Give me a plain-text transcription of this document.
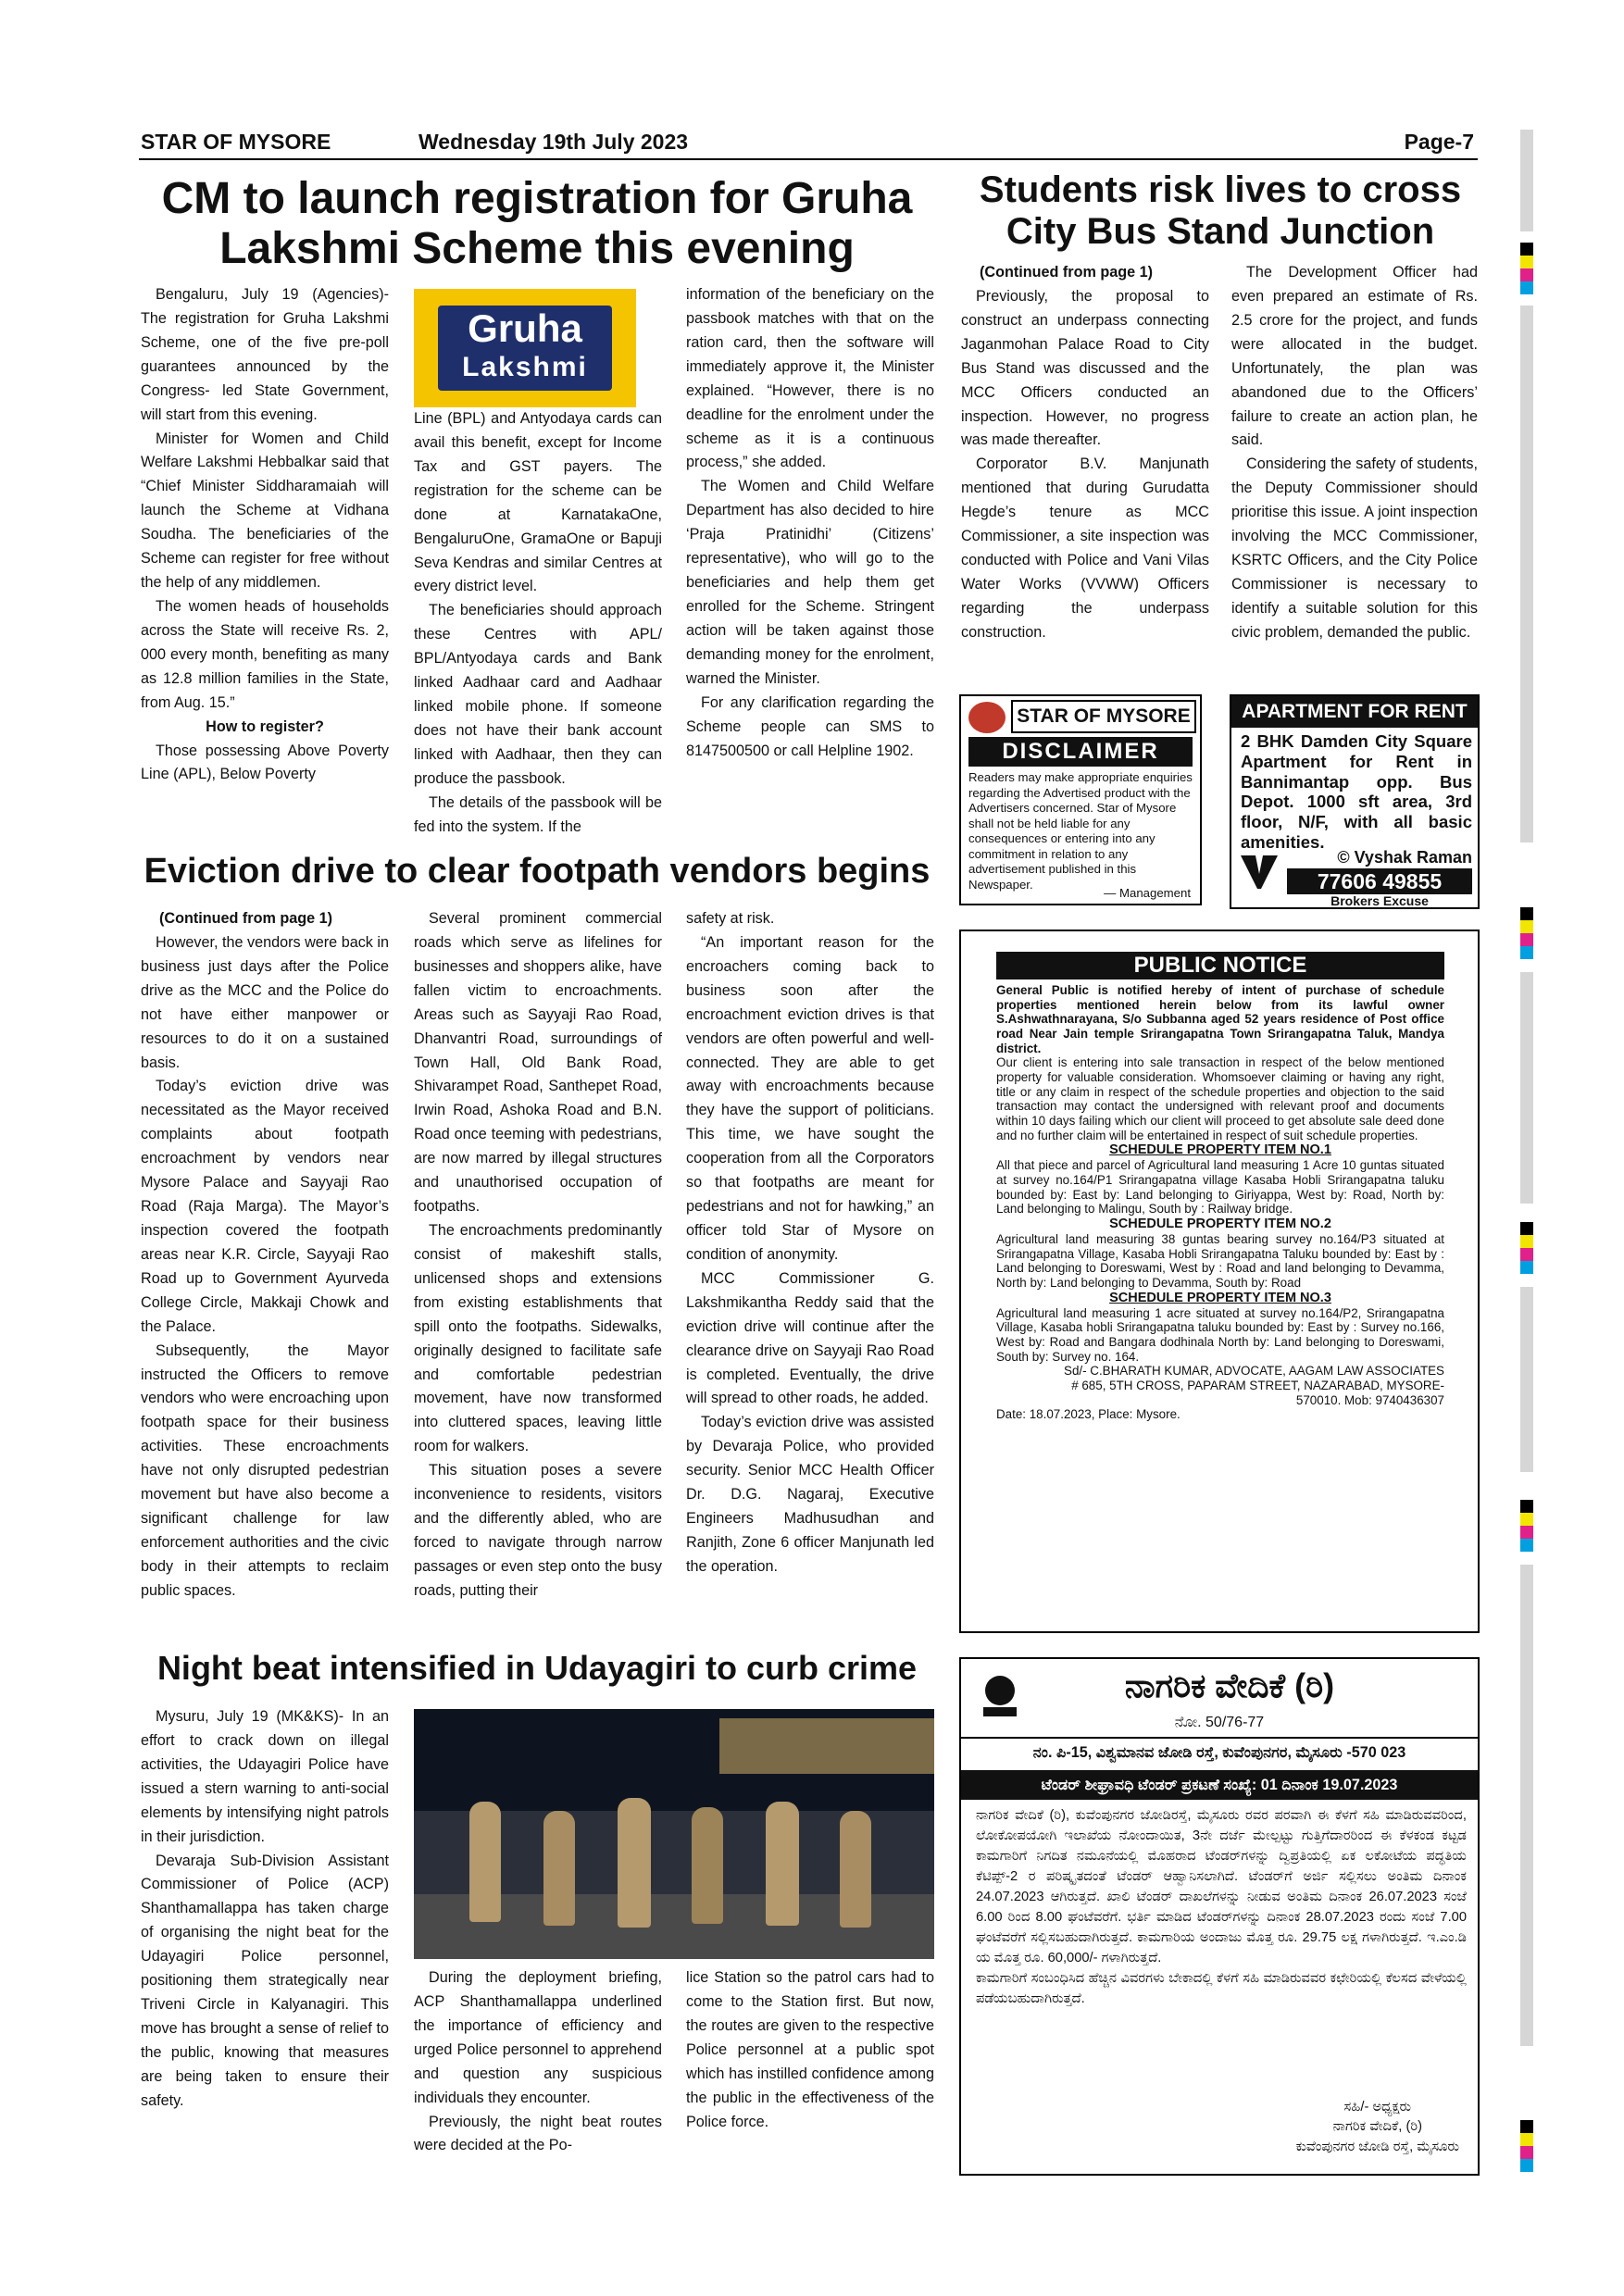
STAR OF MYSORE	Wednesday 19th July 2023	Page-7
CM to launch registration for Gruha
Lakshmi Scheme this evening

Bengaluru, July 19 (Agencies)- The registration for Gruha Lakshmi Scheme, one of the five pre-poll guarantees announced by the Congress- led State Government, will start from this evening.

Minister for Women and Child Welfare Lakshmi Hebbalkar said that “Chief Minister Siddharamaiah will launch the Scheme at Vidhana Soudha. The beneficiaries of the Scheme can register for free without the help of any middlemen.

The women heads of households across the State will receive Rs. 2, 000 every month, benefiting as many as 12.8 million families in the State, from Aug. 15.”

How to register?

Those possessing Above Poverty Line (APL), Below Poverty

Gruha
Lakshmi

Line (BPL) and Antyodaya cards can avail this benefit, except for Income Tax and GST payers. The registration for the scheme can be done at KarnatakaOne, BengaluruOne, GramaOne or Bapuji Seva Kendras and similar Centres at every district level.

The beneficiaries should approach these Centres with APL/ BPL/Antyodaya cards and Bank linked Aadhaar card and Aadhaar linked mobile phone. If someone does not have their bank account linked with Aadhaar, then they can produce the passbook.

The details of the passbook will be fed into the system. If the

information of the beneficiary on the passbook matches with that on the ration card, then the software will immediately approve it, the Minister explained. “However, there is no deadline for the enrolment under the scheme as it is a continuous process,” she added.

The Women and Child Welfare Department has also decided to hire ‘Praja Pratinidhi’ (Citizens’ representative), who will go to the beneficiaries and help them get enrolled for the Scheme. Stringent action will be taken against those demanding money for the enrolment, warned the Minister.

For any clarification regarding the Scheme people can SMS to 8147500500 or call Helpline 1902.

Students risk lives to cross
City Bus Stand Junction

(Continued from page 1)

Previously, the proposal to construct an underpass connecting Jaganmohan Palace Road to City Bus Stand was discussed and the MCC Officers conducted an inspection. However, no progress was made thereafter.

Corporator B.V. Manjunath mentioned that during Gurudatta Hegde’s tenure as MCC Commissioner, a site inspection was conducted with Police and Vani Vilas Water Works (VVWW) Officers regarding the underpass construction.

The Development Officer had even prepared an estimate of Rs. 2.5 crore for the project, and funds were allocated in the budget. Unfortunately, the plan was abandoned due to the Officers’ failure to create an action plan, he said.

Considering the safety of students, the Deputy Commissioner should prioritise this issue. A joint inspection involving the MCC Commissioner, KSRTC Officers, and the City Police Commissioner is necessary to identify a suitable solution for this civic problem, demanded the public.

STAR OF MYSORE
DISCLAIMER
Readers may make appropriate enquiries regarding the Advertised product with the Advertisers concerned. Star of Mysore shall not be held liable for any consequences or entering into any commitment in relation to any advertisement published in this Newspaper.
— Management
APARTMENT FOR RENT
2 BHK Damden City Square Apartment for Rent in Bannimantap opp. Bus Depot. 1000 sft area, 3rd floor, N/F, with all basic amenities.
© Vyshak Raman
77606 49855
Brokers Excuse
Eviction drive to clear footpath vendors begins

(Continued from page 1)

However, the vendors were back in business just days after the Police drive as the MCC and the Police do not have either manpower or resources to do it on a sustained basis.

Today’s eviction drive was necessitated as the Mayor received complaints about footpath encroachment by vendors near Mysore Palace and Sayyaji Rao Road (Raja Marga). The Mayor’s inspection covered the footpath areas near K.R. Circle, Sayyaji Rao Road up to Government Ayurveda College Circle, Makkaji Chowk and the Palace.

Subsequently, the Mayor instructed the Officers to remove vendors who were encroaching upon footpath space for their business activities. These encroachments have not only disrupted pedestrian movement but have also become a significant challenge for law enforcement authorities and the civic body in their attempts to reclaim public spaces.

Several prominent commercial roads which serve as lifelines for businesses and shoppers alike, have fallen victim to encroachments. Areas such as Sayyaji Rao Road, Dhanvantri Road, surroundings of Town Hall, Old Bank Road, Shivarampet Road, Santhepet Road, Irwin Road, Ashoka Road and B.N. Road once teeming with pedestrians, are now marred by illegal structures and unauthorised occupation of footpaths.

The encroachments predominantly consist of makeshift stalls, unlicensed shops and extensions from existing establishments that spill onto the footpaths. Sidewalks, originally designed to facilitate safe and comfortable pedestrian movement, have now transformed into cluttered spaces, leaving little room for walkers.

This situation poses a severe inconvenience to residents, visitors and the differently abled, who are forced to navigate through narrow passages or even step onto the busy roads, putting their

safety at risk.

“An important reason for the encroachers coming back to business soon after the encroachment eviction drives is that vendors are often powerful and well-connected. They are able to get away with encroachments because they have the support of politicians. This time, we have sought the cooperation from all the Corporators so that footpaths are meant for pedestrians and not for hawking,” an officer told Star of Mysore on condition of anonymity.

MCC Commissioner G. Lakshmikantha Reddy said that the eviction drive will continue after the clearance drive on Sayyaji Rao Road is completed. Eventually, the drive will spread to other roads, he added.

Today’s eviction drive was assisted by Devaraja Police, who provided security. Senior MCC Health Officer Dr. D.G. Nagaraj, Executive Engineers Madhusudhan and Ranjith, Zone 6 officer Manjunath led the operation.

PUBLIC NOTICE
General Public is notified hereby of intent of purchase of schedule properties mentioned herein below from its lawful owner S.Ashwathnarayana, S/o Subbanna aged 52 years residence of Post office road Near Jain temple Srirangapatna Town Srirangapatna Taluk, Mandya district.
Our client is entering into sale transaction in respect of the below mentioned property for valuable consideration. Whomsoever claiming or having any right, title or any claim in respect of the schedule properties and objection to the said transaction may contact the undersigned with relevant proof and documents within 10 days failing which our client will proceed to get absolute sale deed done and no further claim will be entertained in respect of suit schedule properties.
SCHEDULE PROPERTY ITEM NO.1
All that piece and parcel of Agricultural land measuring 1 Acre 10 guntas situated at survey no.164/P1 Srirangapatna village Kasaba Hobli Srirangapatna taluku bounded by: East by: Land belonging to Giriyappa, West by: Road, North by: Land belonging to Malingu, South by : Railway bridge.
SCHEDULE PROPERTY ITEM NO.2
Agricultural land measuring 38 guntas bearing survey no.164/P3 situated at Srirangapatna Village, Kasaba Hobli Srirangapatna Taluku bounded by: East by : Land belonging to Doreswami, West by : Road and land belonging to Devamma, North by: Land belonging to Devamma, South by: Road
SCHEDULE PROPERTY ITEM NO.3
Agricultural land measuring 1 acre situated at survey no.164/P2, Srirangapatna Village, Kasaba hobli Srirangapatna taluku bounded by: East by : Survey no.166, West by: Road and Bangara dodhinala North by: Land belonging to Doreswami, South by: Survey no. 164.
Sd/- C.BHARATH KUMAR, ADVOCATE, AAGAM LAW ASSOCIATES # 685, 5TH CROSS, PAPARAM STREET, NAZARABAD, MYSORE-570010. Mob: 9740436307
Date: 18.07.2023, Place: Mysore.
Night beat intensified in Udayagiri to curb crime

Mysuru, July 19 (MK&KS)- In an effort to crack down on illegal activities, the Udayagiri Police have issued a stern warning to anti-social elements by intensifying night patrols in their jurisdiction.

Devaraja Sub-Division Assistant Commissioner of Police (ACP) Shanthamallappa has taken charge of organising the night beat for the Udayagiri Police personnel, positioning them strategically near Triveni Circle in Kalyanagiri. This move has brought a sense of relief to the public, knowing that measures are being taken to ensure their safety.

During the deployment briefing, ACP Shanthamallappa underlined the importance of efficiency and urged Police personnel to apprehend and question any suspicious individuals they encounter.

Previously, the night beat routes were decided at the Po-

lice Station so the patrol cars had to come to the Station first. But now, the routes are given to the respective Police personnel at a public spot which has instilled confidence among the public in the effectiveness of the Police force.

ನಾಗರಿಕ ವೇದಿಕೆ (ರಿ)
ನೋ. 50/76-77
ನಂ. ಪಿ-15, ವಿಶ್ವಮಾನವ ಜೋಡಿ ರಸ್ತೆ, ಕುವೆಂಪುನಗರ, ಮೈಸೂರು -570 023
ಟೆಂಡರ್ ಶೀಘ್ರಾವಧಿ ಟೆಂಡರ್ ಪ್ರಕಟಣೆ ಸಂಖ್ಯೆ: 01 ದಿನಾಂಕ 19.07.2023
ನಾಗರಿಕ ವೇದಿಕೆ (ರಿ), ಕುವೆಂಪುನಗರ ಜೋಡಿರಸ್ತೆ, ಮೈಸೂರು ರವರ ಪರವಾಗಿ ಈ ಕೆಳಗೆ ಸಹಿ ಮಾಡಿರುವವರಿಂದ, ಲೋಕೋಪಯೋಗಿ ಇಲಾಖೆಯ ನೋಂದಾಯಿತ, 3ನೇ ದರ್ಜೆ ಮೇಲ್ಪಟ್ಟು ಗುತ್ತಿಗೆದಾರರಿಂದ ಈ ಕೆಳಕಂಡ ಕಟ್ಟಡ ಕಾಮಗಾರಿಗೆ ನಿಗದಿತ ನಮೂನೆಯಲ್ಲಿ ಮೊಹರಾದ ಟೆಂಡರ್‌ಗಳನ್ನು ದ್ವಿಪ್ರತಿಯಲ್ಲಿ ಏಕ ಲಕೋಟೆಯ ಪದ್ಧತಿಯ ಕೆಟಿಪ್ಪ್-2 ರ ಪರಿಷ್ಕೃತದಂತೆ ಟೆಂಡರ್ ಆಹ್ವಾನಿಸಲಾಗಿದೆ. ಟೆಂಡರ್‌ಗೆ ಅರ್ಜಿ ಸಲ್ಲಿಸಲು ಅಂತಿಮ ದಿನಾಂಕ 24.07.2023 ಆಗಿರುತ್ತದೆ. ಖಾಲಿ ಟೆಂಡರ್ ದಾಖಲೆಗಳನ್ನು ನೀಡುವ ಅಂತಿಮ ದಿನಾಂಕ 26.07.2023 ಸಂಜೆ 6.00 ರಿಂದ 8.00 ಘಂಟೆವರೆಗೆ. ಭರ್ತಿ ಮಾಡಿದ ಟೆಂಡರ್‌ಗಳನ್ನು ದಿನಾಂಕ 28.07.2023 ರಂದು ಸಂಜೆ 7.00 ಘಂಟೆವರೆಗೆ ಸಲ್ಲಿಸಬಹುದಾಗಿರುತ್ತದೆ. ಕಾಮಗಾರಿಯ ಅಂದಾಜು ಮೊತ್ತ ರೂ. 29.75 ಲಕ್ಷ ಗಳಾಗಿರುತ್ತದೆ. ಇ.ಎಂ.ಡಿ ಯ ಮೊತ್ತ ರೂ. 60,000/- ಗಳಾಗಿರುತ್ತದೆ.
ಕಾಮಗಾರಿಗೆ ಸಂಬಂಧಿಸಿದ ಹೆಚ್ಚಿನ ವಿವರಗಳು ಬೇಕಾದಲ್ಲಿ ಕೆಳಗೆ ಸಹಿ ಮಾಡಿರುವವರ ಕಛೇರಿಯಲ್ಲಿ ಕೆಲಸದ ವೇಳೆಯಲ್ಲಿ ಪಡೆಯಬಹುದಾಗಿರುತ್ತದೆ.
ಸಹಿ/- ಅಧ್ಯಕ್ಷರು
ನಾಗರಿಕ ವೇದಿಕೆ, (ರಿ)
ಕುವೆಂಪುನಗರ ಜೋಡಿ ರಸ್ತೆ, ಮೈಸೂರು
